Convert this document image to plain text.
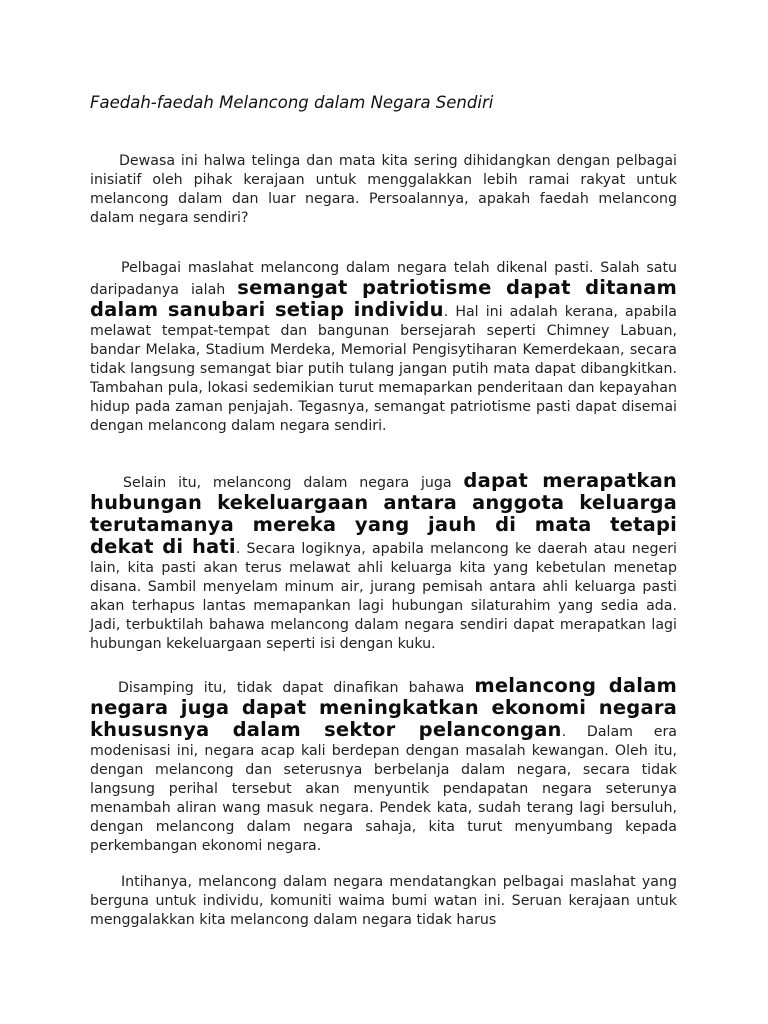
Faedah-faedah Melancong dalam Negara Sendiri

Dewasa ini halwa telinga dan mata kita sering dihidangkan dengan pelbagai inisiatif oleh pihak kerajaan untuk menggalakkan lebih ramai rakyat untuk melancong dalam dan luar negara. Persoalannya, apakah faedah melancong dalam negara sendiri?

Pelbagai maslahat melancong dalam negara telah dikenal pasti. Salah satu daripadanya ialah semangat patriotisme dapat ditanam dalam sanubari setiap individu. Hal ini adalah kerana, apabila melawat tempat-tempat dan bangunan bersejarah seperti Chimney Labuan, bandar Melaka, Stadium Merdeka, Memorial Pengisytiharan Kemerdekaan, secara tidak langsung semangat biar putih tulang jangan putih mata dapat dibangkitkan. Tambahan pula, lokasi sedemikian turut memaparkan penderitaan dan kepayahan hidup pada zaman penjajah. Tegasnya, semangat patriotisme pasti dapat disemai dengan melancong dalam negara sendiri.

Selain itu, melancong dalam negara juga dapat merapatkan hubungan kekeluargaan antara anggota keluarga terutamanya mereka yang jauh di mata tetapi dekat di hati. Secara logiknya, apabila melancong ke daerah atau negeri lain, kita pasti akan terus melawat ahli keluarga kita yang kebetulan menetap disana. Sambil menyelam minum air, jurang pemisah antara ahli keluarga pasti akan terhapus lantas memapankan lagi hubungan silaturahim yang sedia ada. Jadi, terbuktilah bahawa melancong dalam negara sendiri dapat merapatkan lagi hubungan kekeluargaan seperti isi dengan kuku.

Disamping itu, tidak dapat dinafikan bahawa melancong dalam negara juga dapat meningkatkan ekonomi negara khususnya dalam sektor pelancongan. Dalam era modenisasi ini, negara acap kali berdepan dengan masalah kewangan. Oleh itu, dengan melancong dan seterusnya berbelanja dalam negara, secara tidak langsung perihal tersebut akan menyuntik pendapatan negara seterunya menambah aliran wang masuk negara. Pendek kata, sudah terang lagi bersuluh, dengan melancong dalam negara sahaja, kita turut menyumbang kepada perkembangan ekonomi negara.

Intihanya, melancong dalam negara mendatangkan pelbagai maslahat yang berguna untuk individu, komuniti waima bumi watan ini. Seruan kerajaan untuk menggalakkan kita melancong dalam negara tidak harus
